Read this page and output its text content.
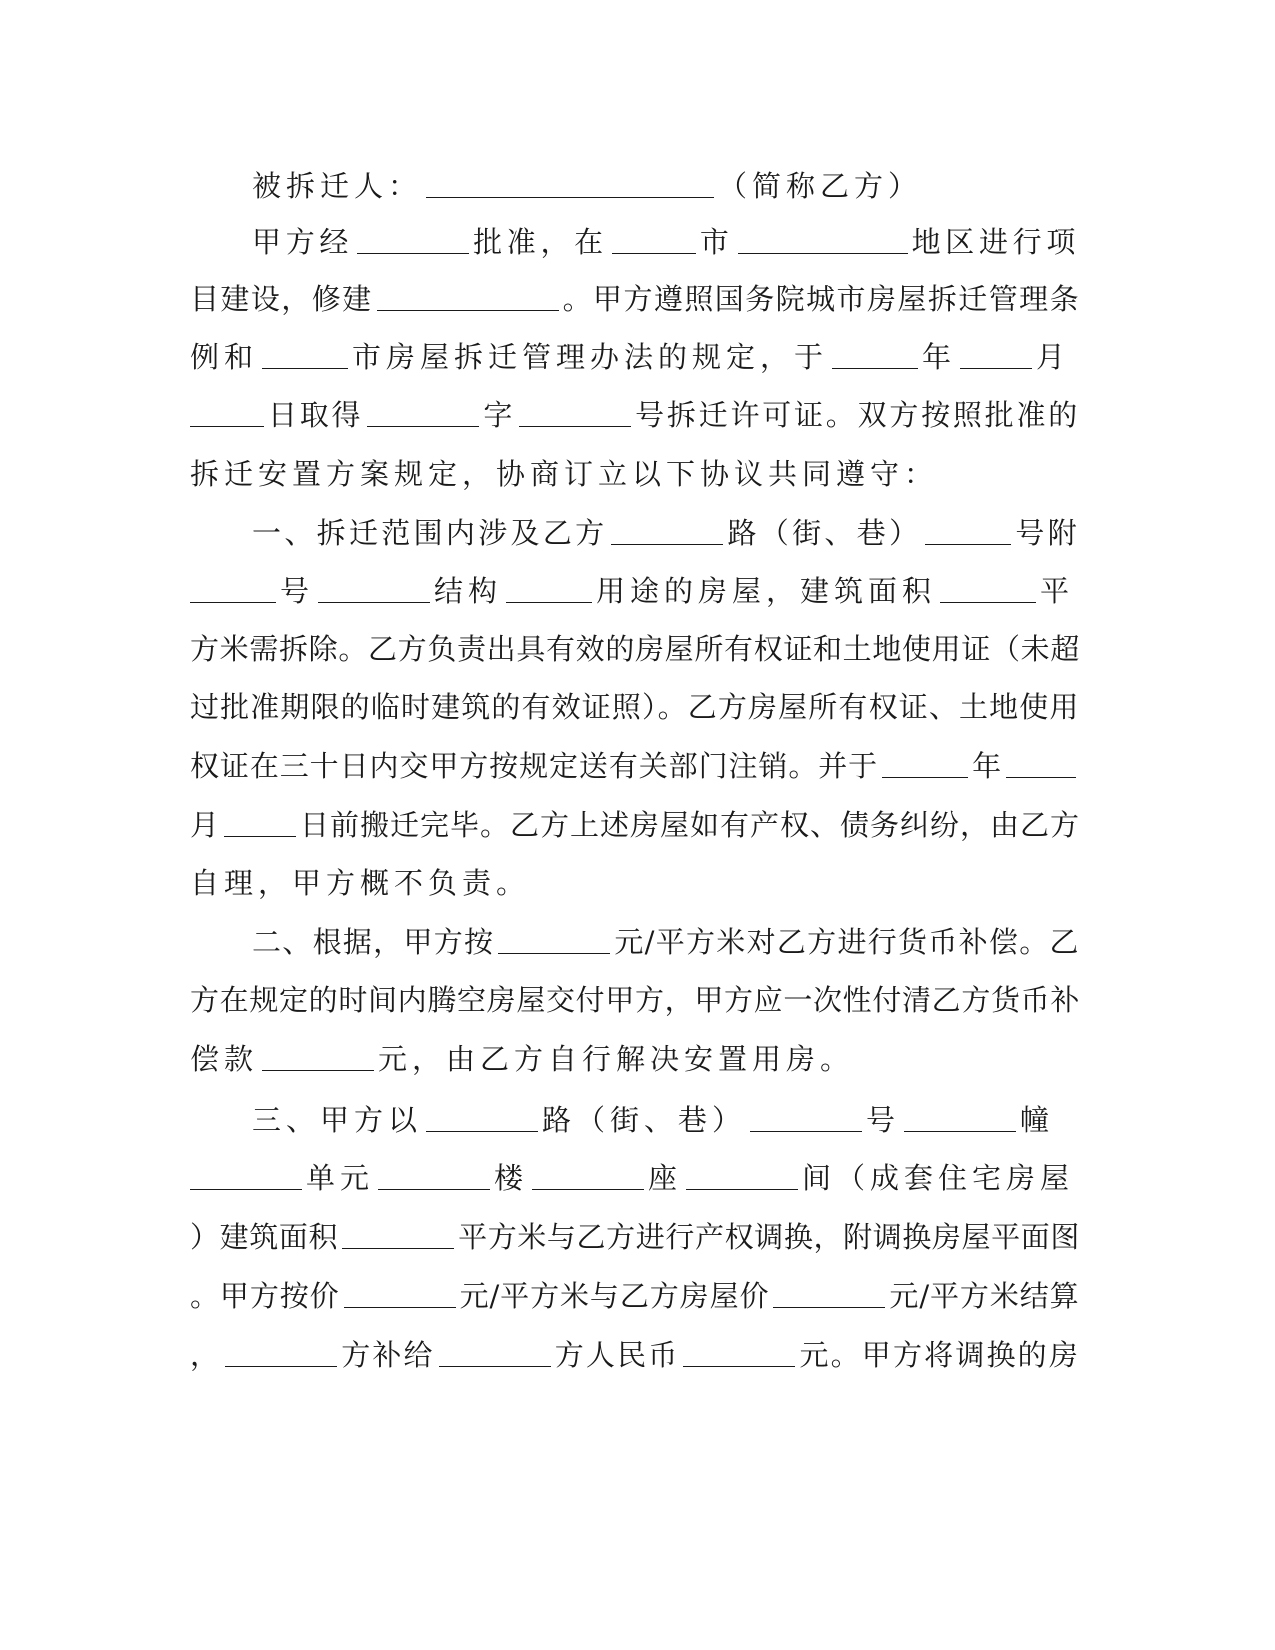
被拆迁人：	（简称乙方）
甲方经	批准，在	市	地区进行项
目建设，修建	。甲方遵照国务院城市房屋拆迁管理条
例和	市房屋拆迁管理办法的规定，于	年	月
日取得	字	号拆迁许可证。双方按照批准的
拆迁安置方案规定，协商订立以下协议共同遵守：
一、拆迁范围内涉及乙方	路（街、巷）	号附
号	结构	用途的房屋，建筑面积	平
方米需拆除。乙方负责出具有效的房屋所有权证和土地使用证（未超
过批准期限的临时建筑的有效证照）。乙方房屋所有权证、土地使用
权证在三十日内交甲方按规定送有关部门注销。并于	年
月	日前搬迁完毕。乙方上述房屋如有产权、债务纠纷，由乙方
自理，甲方概不负责。
二、根据，甲方按	元/平方米对乙方进行货币补偿。乙
方在规定的时间内腾空房屋交付甲方，甲方应一次性付清乙方货币补
偿款	元，由乙方自行解决安置用房。
三、甲方以	路（街、巷）	号	幢
单元	楼	座	间（成套住宅房屋
）建筑面积	平方米与乙方进行产权调换，附调换房屋平面图
。甲方按价	元/平方米与乙方房屋价	元/平方米结算
，	方补给	方人民币	元。甲方将调换的房
